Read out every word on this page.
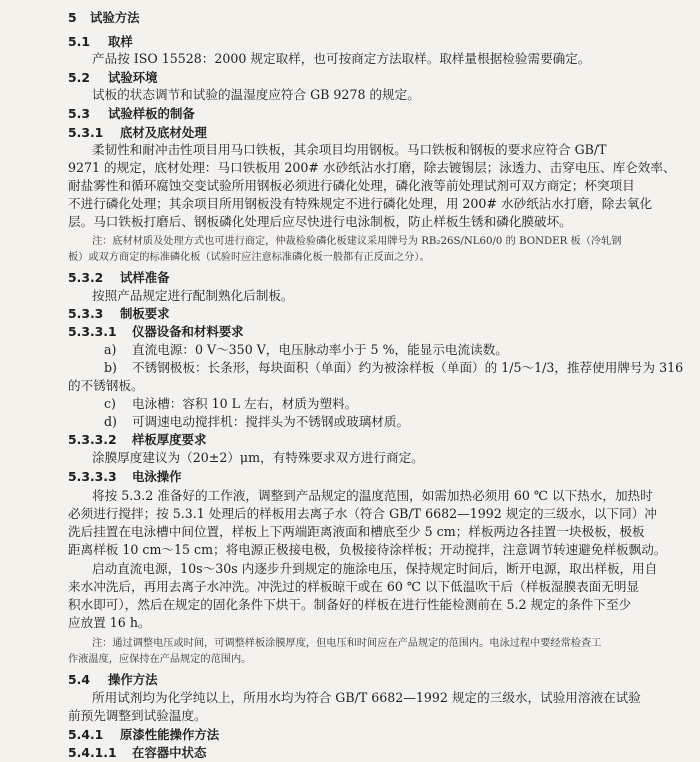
5 试验方法
5.1 取样
产品按 ISO 15528：2000 规定取样，也可按商定方法取样。取样量根据检验需要确定。
5.2 试验环境
试板的状态调节和试验的温湿度应符合 GB 9278 的规定。
5.3 试验样板的制备
5.3.1 底材及底材处理
柔韧性和耐冲击性项目用马口铁板，其余项目均用钢板。马口铁板和钢板的要求应符合 GB/T
9271 的规定，底材处理：马口铁板用 200# 水砂纸沾水打磨，除去镀锡层；泳透力、击穿电压、库仑效率、
耐盐雾性和循环腐蚀交变试验所用钢板必须进行磷化处理，磷化液等前处理试剂可双方商定；杯突项目
不进行磷化处理；其余项目所用钢板没有特殊规定不进行磷化处理，用 200# 水砂纸沾水打磨，除去氧化
层。马口铁板打磨后、钢板磷化处理后应尽快进行电泳制板，防止样板生锈和磷化膜破坏。
注：底材材质及处理方式也可进行商定，仲裁检验磷化板建议采用牌号为 RB₂26S/NL60/0 的 BONDER 板（冷轧钢
板）或双方商定的标准磷化板（试验时应注意标准磷化板一般都有正反面之分）。
5.3.2 试样准备
按照产品规定进行配制熟化后制板。
5.3.3 制板要求
5.3.3.1 仪器设备和材料要求
a) 直流电源：0 V～350 V，电压脉动率小于 5 %，能显示电流读数。
b) 不锈钢极板：长条形，每块面积（单面）约为被涂样板（单面）的 1/5～1/3，推荐使用牌号为 316
的不锈钢板。
c) 电泳槽：容积 10 L 左右，材质为塑料。
d) 可调速电动搅拌机：搅拌头为不锈钢或玻璃材质。
5.3.3.2 样板厚度要求
涂膜厚度建议为（20±2）μm，有特殊要求双方进行商定。
5.3.3.3 电泳操作
将按 5.3.2 准备好的工作液，调整到产品规定的温度范围，如需加热必须用 60 ℃ 以下热水，加热时
必须进行搅拌；按 5.3.1 处理后的样板用去离子水（符合 GB/T 6682—1992 规定的三级水，以下同）冲
洗后挂置在电泳槽中间位置，样板上下两端距离液面和槽底至少 5 cm；样板两边各挂置一块极板，极板
距离样板 10 cm～15 cm；将电源正极接电极，负极接待涂样板；开动搅拌，注意调节转速避免样板飘动。
启动直流电源，10s～30s 内逐步升到规定的施涂电压，保持规定时间后，断开电源，取出样板，用自
来水冲洗后，再用去离子水冲洗。冲洗过的样板晾干或在 60 ℃ 以下低温吹干后（样板湿膜表面无明显
积水即可），然后在规定的固化条件下烘干。制备好的样板在进行性能检测前在 5.2 规定的条件下至少
应放置 16 h。
注：通过调整电压或时间，可调整样板涂膜厚度，但电压和时间应在产品规定的范围内。电泳过程中要经常检查工
作液温度，应保持在产品规定的范围内。
5.4 操作方法
所用试剂均为化学纯以上，所用水均为符合 GB/T 6682—1992 规定的三级水，试验用溶液在试验
前预先调整到试验温度。
5.4.1 原漆性能操作方法
5.4.1.1 在容器中状态
